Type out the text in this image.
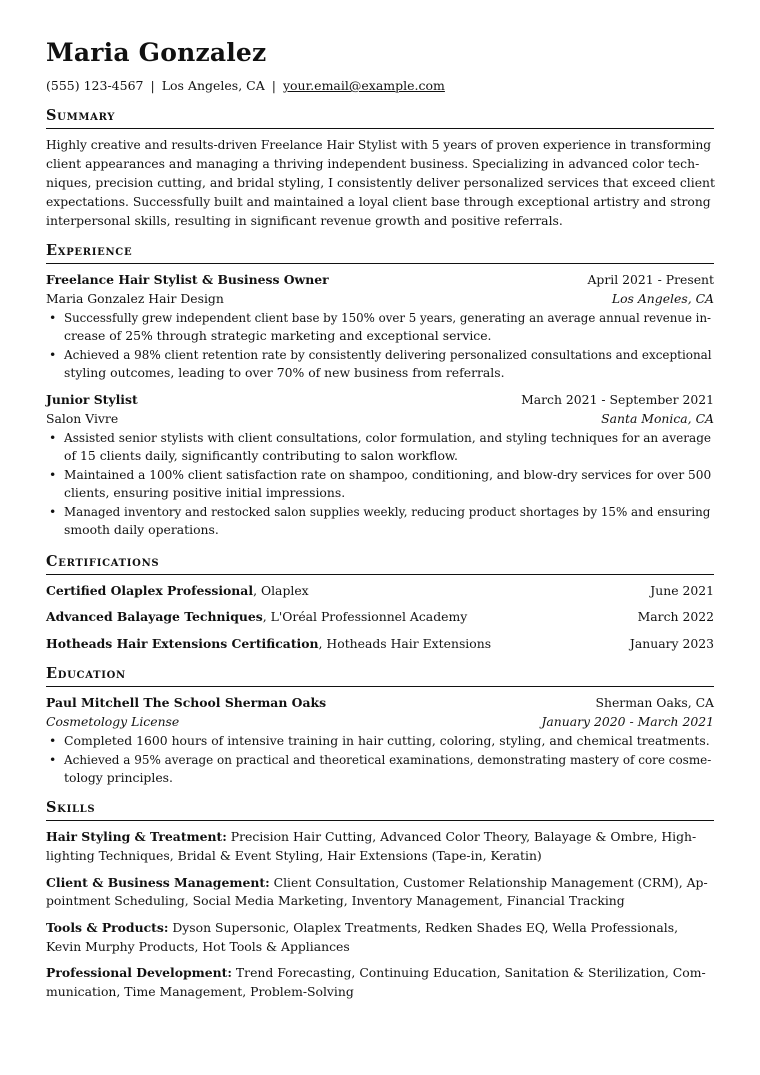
Maria Gonzalez
(555) 123-4567 | Los Angeles, CA | your.email@example.com
Summary
Highly creative and results-driven Freelance Hair Stylist with 5 years of proven experience in transforming
client appearances and managing a thriving independent business. Specializing in advanced color tech-
niques, precision cutting, and bridal styling, I consistently deliver personalized services that exceed client
expectations. Successfully built and maintained a loyal client base through exceptional artistry and strong
interpersonal skills, resulting in significant revenue growth and positive referrals.
Experience
Freelance Hair Stylist & Business Owner	April 2021 - Present
Maria Gonzalez Hair Design	Los Angeles, CA
• Successfully grew independent client base by 150% over 5 years, generating an average annual revenue in-
crease of 25% through strategic marketing and exceptional service.
• Achieved a 98% client retention rate by consistently delivering personalized consultations and exceptional
styling outcomes, leading to over 70% of new business from referrals.
Junior Stylist	March 2021 - September 2021
Salon Vivre	Santa Monica, CA
• Assisted senior stylists with client consultations, color formulation, and styling techniques for an average
of 15 clients daily, significantly contributing to salon workflow.
• Maintained a 100% client satisfaction rate on shampoo, conditioning, and blow-dry services for over 500
clients, ensuring positive initial impressions.
• Managed inventory and restocked salon supplies weekly, reducing product shortages by 15% and ensuring
smooth daily operations.
Certifications
Certified Olaplex Professional, Olaplex	June 2021
Advanced Balayage Techniques, L'Oréal Professionnel Academy	March 2022
Hotheads Hair Extensions Certification, Hotheads Hair Extensions	January 2023
Education
Paul Mitchell The School Sherman Oaks	Sherman Oaks, CA
Cosmetology License	January 2020 - March 2021
• Completed 1600 hours of intensive training in hair cutting, coloring, styling, and chemical treatments.
• Achieved a 95% average on practical and theoretical examinations, demonstrating mastery of core cosme-
tology principles.
Skills
Hair Styling & Treatment: Precision Hair Cutting, Advanced Color Theory, Balayage & Ombre, High-
lighting Techniques, Bridal & Event Styling, Hair Extensions (Tape-in, Keratin)
Client & Business Management: Client Consultation, Customer Relationship Management (CRM), Ap-
pointment Scheduling, Social Media Marketing, Inventory Management, Financial Tracking
Tools & Products: Dyson Supersonic, Olaplex Treatments, Redken Shades EQ, Wella Professionals,
Kevin Murphy Products, Hot Tools & Appliances
Professional Development: Trend Forecasting, Continuing Education, Sanitation & Sterilization, Com-
munication, Time Management, Problem-Solving
